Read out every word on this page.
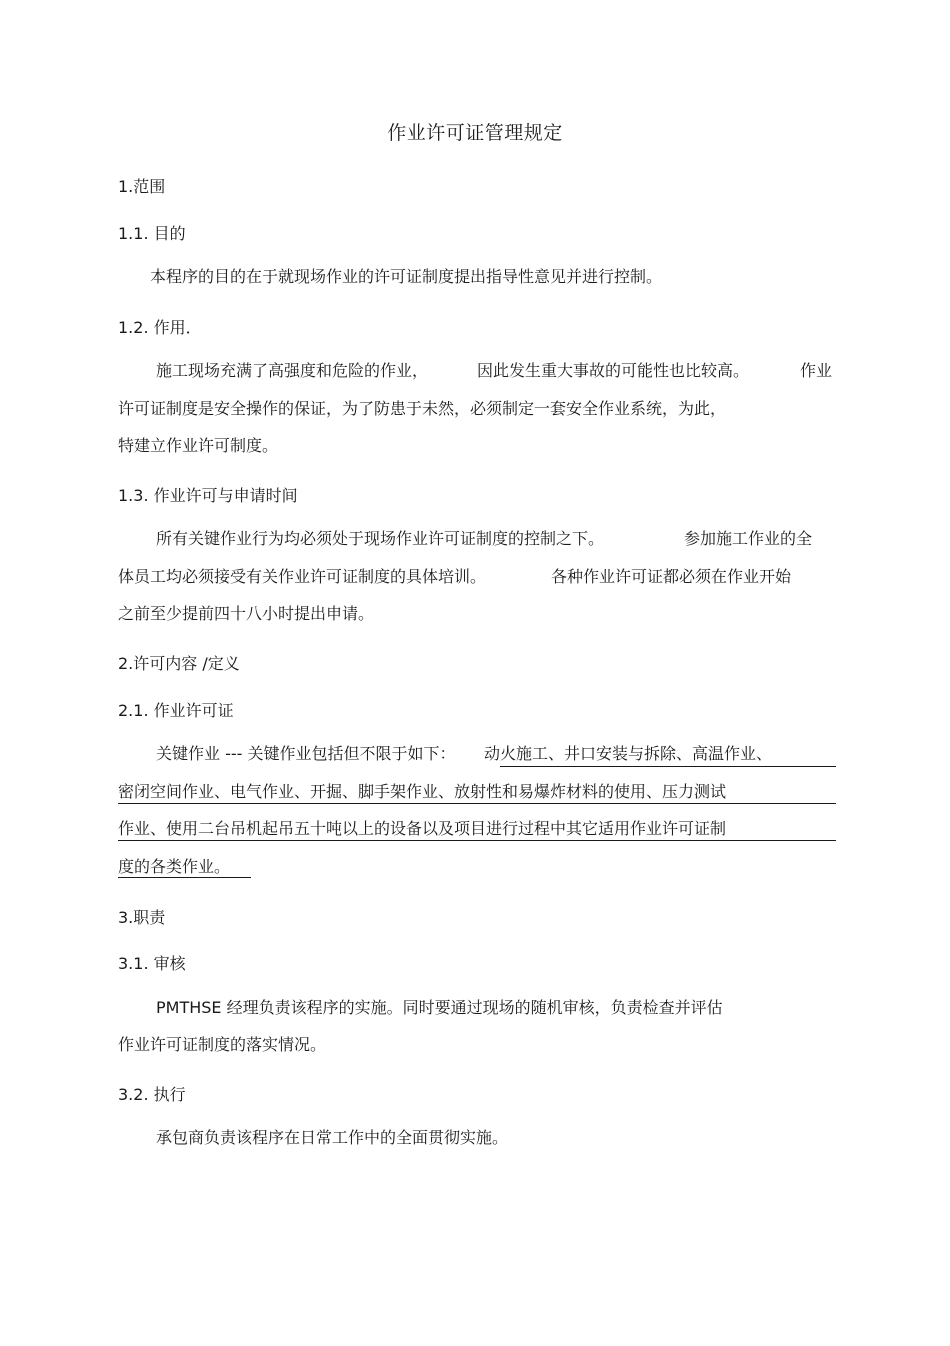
作业许可证管理规定
1.范围
1.1. 目的
本程序的目的在于就现场作业的许可证制度提出指导性意见并进行控制。
1.2. 作用．
施工现场充满了高强度和危险的作业，	因此发生重大事故的可能性也比较高。	作业
许可证制度是安全操作的保证，为了防患于未然，必须制定一套安全作业系统，为此，
特建立作业许可制度。
1.3. 作业许可与申请时间
所有关键作业行为均必须处于现场作业许可证制度的控制之下。	参加施工作业的全
体员工均必须接受有关作业许可证制度的具体培训。	各种作业许可证都必须在作业开始
之前至少提前四十八小时提出申请。
2.许可内容 /定义
2.1. 作业许可证
关键作业 --- 关键作业包括但不限于如下： 动火施工、井口安装与拆除、高温作业、
密闭空间作业、电气作业、开掘、脚手架作业、放射性和易爆炸材料的使用、压力测试
作业、使用二台吊机起吊五十吨以上的设备以及项目进行过程中其它适用作业许可证制
度的各类作业。
3.职责
3.1. 审核
PMTHSE 经理负责该程序的实施。同时要通过现场的随机审核，负责检查并评估
作业许可证制度的落实情况。
3.2. 执行
承包商负责该程序在日常工作中的全面贯彻实施。
